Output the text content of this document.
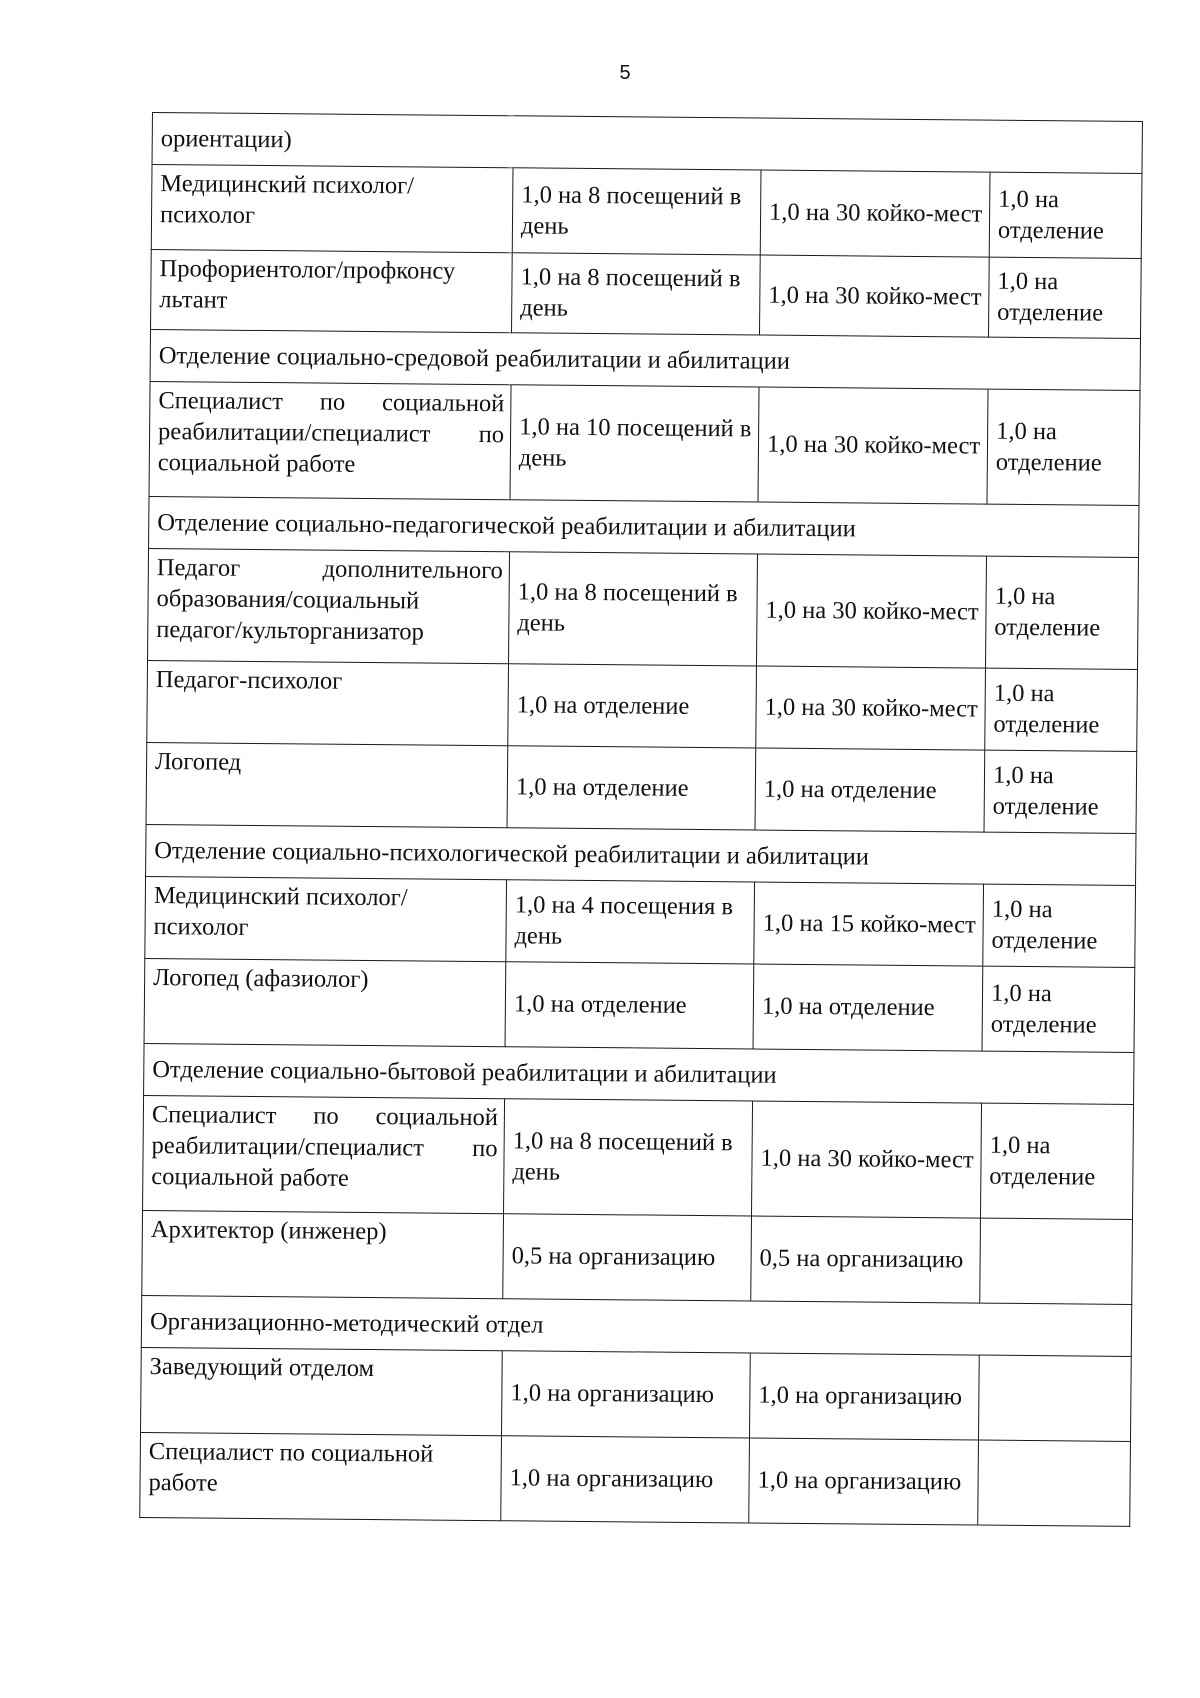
5
ориентации)			
Медицинский психолог/психолог	1,0 на 8 посещений в день	1,0 на 30 койко-мест	1,0 на отделение
Профориентолог/профконсу льтант	1,0 на 8 посещений в день	1,0 на 30 койко-мест	1,0 на отделение
Отделение социально-средовой реабилитации и абилитации			
Специалист по социальной реабилитации/специалист по социальной работе	1,0 на 10 посещений в день	1,0 на 30 койко-мест	1,0 на отделение
Отделение социально-педагогической реабилитации и абилитации			
Педагог дополнительного образования/социальный педагог/культорганизатор	1,0 на 8 посещений в день	1,0 на 30 койко-мест	1,0 на отделение
Педагог-психолог	1,0 на отделение	1,0 на 30 койко-мест	1,0 на отделение
Логопед	1,0 на отделение	1,0 на отделение	1,0 на отделение
Отделение социально-психологической реабилитации и абилитации			
Медицинский психолог/психолог	1,0 на 4 посещения в день	1,0 на 15 койко-мест	1,0 на отделение
Логопед (афазиолог)	1,0 на отделение	1,0 на отделение	1,0 на отделение
Отделение социально-бытовой реабилитации и абилитации			
Специалист по социальной реабилитации/специалист по социальной работе	1,0 на 8 посещений в день	1,0 на 30 койко-мест	1,0 на отделение
Архитектор (инженер)	0,5 на организацию	0,5 на организацию	
Организационно-методический отдел			
Заведующий отделом	1,0 на организацию	1,0 на организацию	
Специалист по социальной работе	1,0 на организацию	1,0 на организацию	
